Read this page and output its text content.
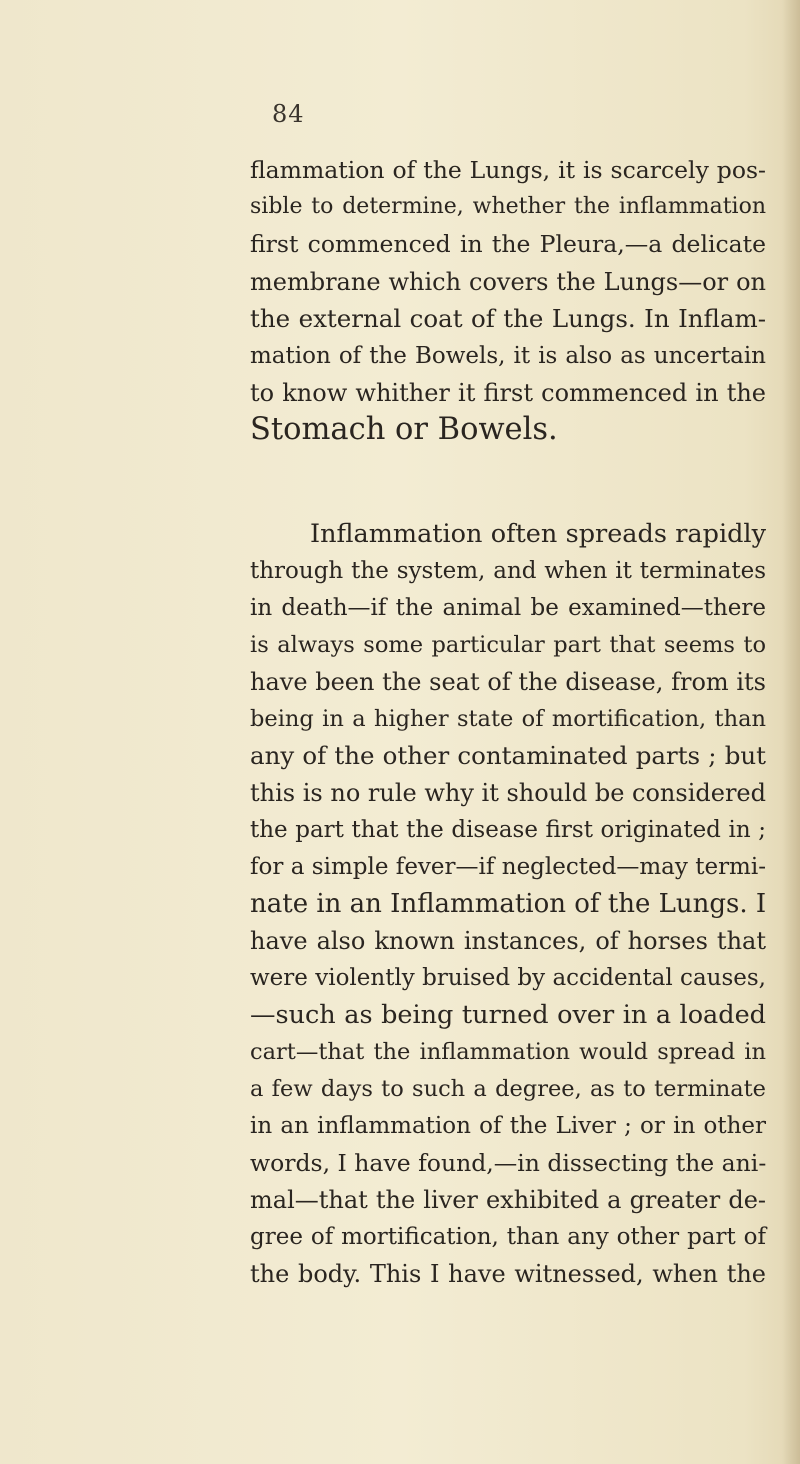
84
flammation of the Lungs, it is scarcely pos-
sible to determine, whether the inflammation
first commenced in the Pleura,—a delicate
membrane which covers the Lungs—or on
the external coat of the Lungs. In Inflam-
mation of the Bowels, it is also as uncertain
to know whither it first commenced in the
Stomach or Bowels.
Inflammation often spreads rapidly
through the system, and when it terminates
in death—if the animal be examined—there
is always some particular part that seems to
have been the seat of the disease, from its
being in a higher state of mortification, than
any of the other contaminated parts ; but
this is no rule why it should be considered
the part that the disease first originated in ;
for a simple fever—if neglected—may termi-
nate in an Inflammation of the Lungs. I
have also known instances, of horses that
were violently bruised by accidental causes,
—such as being turned over in a loaded
cart—that the inflammation would spread in
a few days to such a degree, as to terminate
in an inflammation of the Liver ; or in other
words, I have found,—in dissecting the ani-
mal—that the liver exhibited a greater de-
gree of mortification, than any other part of
the body. This I have witnessed, when the
